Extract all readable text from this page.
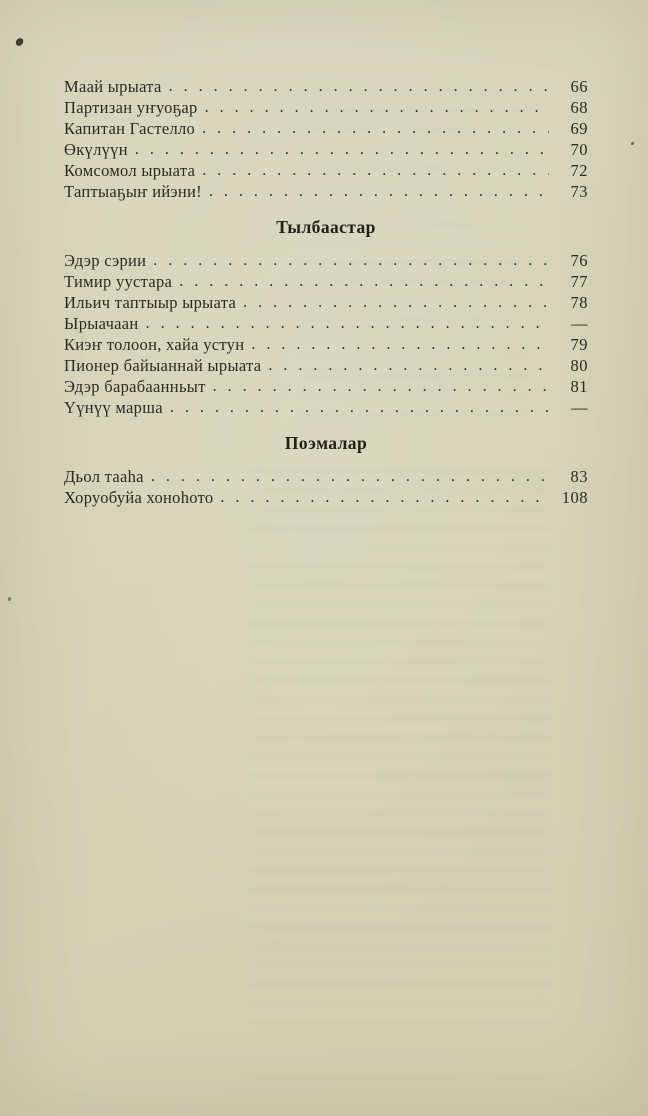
Маай ырыата .....	66
Партизан уҥуоҕар .....	68
Капитан Гастелло .....	69
Өкүлүүн .....	70
Комсомол ырыата .....	72
Таптыаҕыҥ ийэни! .....	73
Тылбаастар
Эдэр сэрии .....	76
Тимир уустара .....	77
Ильич таптыыр ырыата .....	78
Ырыачаан .....	—
Киэҥ толоон, хайа устун .....	79
Пионер байыаннай ырыата .....	80
Эдэр барабаанньыт .....	81
Үүнүү марша .....	—
Поэмалар
Дьол тааһа .....	83
Хоруобуйа хоноһото .....	108
